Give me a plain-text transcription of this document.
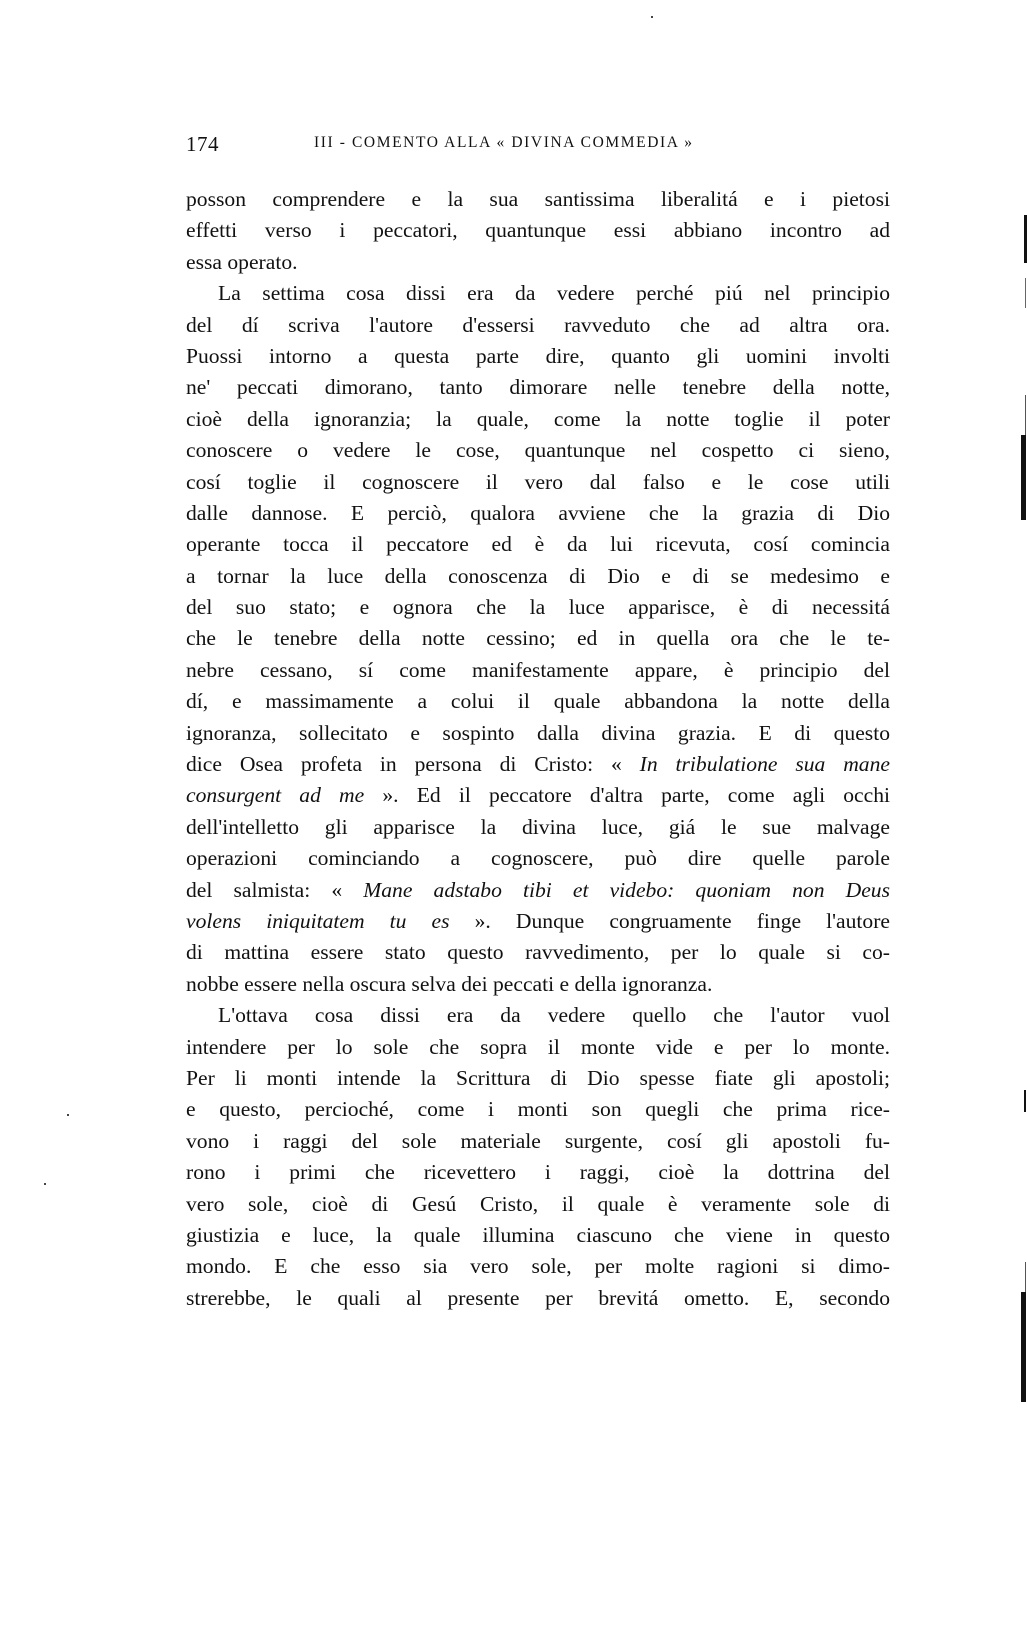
174	III - COMENTO ALLA « DIVINA COMMEDIA »
posson comprendere e la sua santissima liberalitá e i pietosi
effetti verso i peccatori, quantunque essi abbiano incontro ad
essa operato.
La settima cosa dissi era da vedere perché piú nel principio
del dí scriva l'autore d'essersi ravveduto che ad altra ora.
Puossi intorno a questa parte dire, quanto gli uomini involti
ne' peccati dimorano, tanto dimorare nelle tenebre della notte,
cioè della ignoranzia; la quale, come la notte toglie il poter
conoscere o vedere le cose, quantunque nel cospetto ci sieno,
cosí toglie il cognoscere il vero dal falso e le cose utili
dalle dannose. E perciò, qualora avviene che la grazia di Dio
operante tocca il peccatore ed è da lui ricevuta, cosí comincia
a tornar la luce della conoscenza di Dio e di se medesimo e
del suo stato; e ognora che la luce apparisce, è di necessitá
che le tenebre della notte cessino; ed in quella ora che le te-
nebre cessano, sí come manifestamente appare, è principio del
dí, e massimamente a colui il quale abbandona la notte della
ignoranza, sollecitato e sospinto dalla divina grazia. E di questo
dice Osea profeta in persona di Cristo: « In tribulatione sua mane
consurgent ad me ». Ed il peccatore d'altra parte, come agli occhi
dell'intelletto gli apparisce la divina luce, giá le sue malvage
operazioni cominciando a cognoscere, può dire quelle parole
del salmista: « Mane adstabo tibi et videbo: quoniam non Deus
volens iniquitatem tu es ». Dunque congruamente finge l'autore
di mattina essere stato questo ravvedimento, per lo quale si co-
nobbe essere nella oscura selva dei peccati e della ignoranza.
L'ottava cosa dissi era da vedere quello che l'autor vuol
intendere per lo sole che sopra il monte vide e per lo monte.
Per li monti intende la Scrittura di Dio spesse fiate gli apostoli;
e questo, percioché, come i monti son quegli che prima rice-
vono i raggi del sole materiale surgente, cosí gli apostoli fu-
rono i primi che ricevettero i raggi, cioè la dottrina del
vero sole, cioè di Gesú Cristo, il quale è veramente sole di
giustizia e luce, la quale illumina ciascuno che viene in questo
mondo. E che esso sia vero sole, per molte ragioni si dimo-
strerebbe, le quali al presente per brevitá ometto. E, secondo
